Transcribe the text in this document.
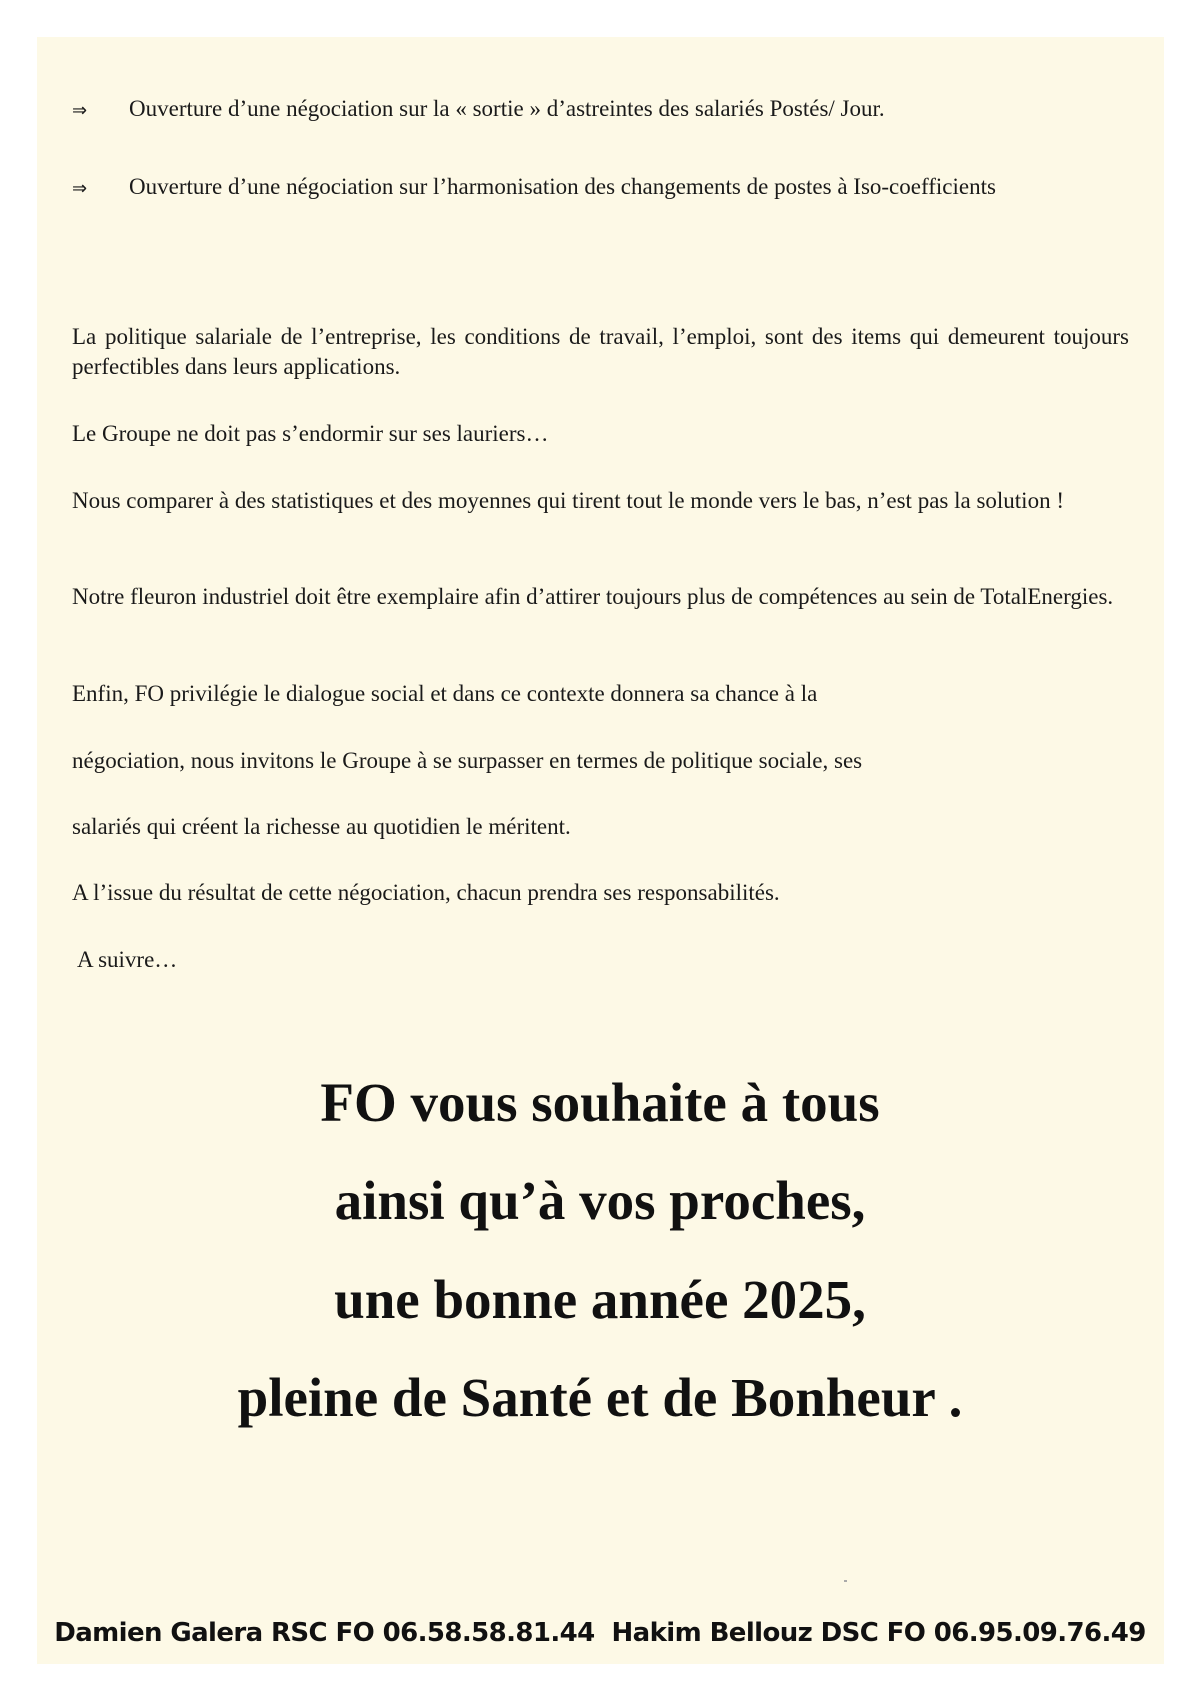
⇒ Ouverture d’une négociation sur la « sortie » d’astreintes des salariés Postés/ Jour.

⇒ Ouverture d’une négociation sur l’harmonisation des changements de postes à Iso-coefficients

La politique salariale de l’entreprise, les conditions de travail, l’emploi, sont des items qui demeurent toujours perfectibles dans leurs applications.

Le Groupe ne doit pas s’endormir sur ses lauriers…

Nous comparer à des statistiques et des moyennes qui tirent tout le monde vers le bas, n’est pas la solution !

Notre fleuron industriel doit être exemplaire afin d’attirer toujours plus de compétences au sein de TotalEnergies.

Enfin, FO privilégie le dialogue social et dans ce contexte donnera sa chance à la

négociation, nous invitons le Groupe à se surpasser en termes de politique sociale, ses

salariés qui créent la richesse au quotidien le méritent.

A l’issue du résultat de cette négociation, chacun prendra ses responsabilités.

A suivre…

FO vous souhaite à tous

ainsi qu’à vos proches,

une bonne année 2025,

pleine de Santé et de Bonheur .

Damien Galera RSC FO 06.58.58.81.44 Hakim Bellouz DSC FO 06.95.09.76.49
